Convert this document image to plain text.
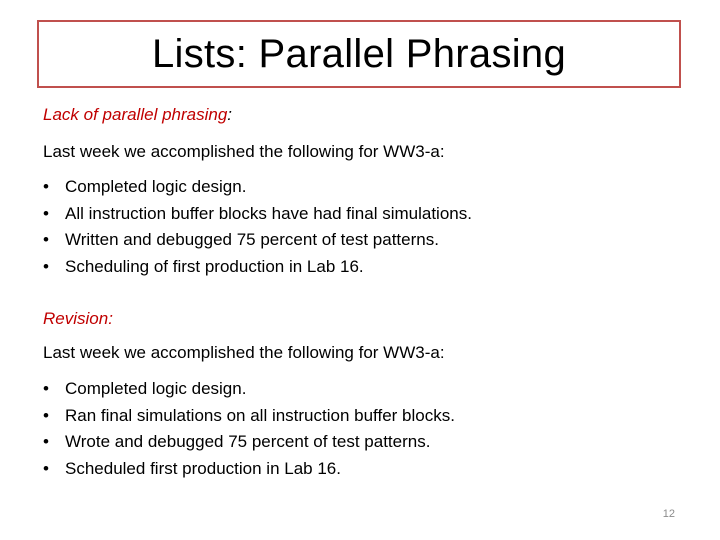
Lists: Parallel Phrasing
Lack of parallel phrasing:
Last week we accomplished the following for WW3-a:
• Completed logic design.
• All instruction buffer blocks have had final simulations.
• Written and debugged 75 percent of test patterns.
• Scheduling of first production in Lab 16.
Revision:
Last week we accomplished the following for WW3-a:
• Completed logic design.
• Ran final simulations on all instruction buffer blocks.
• Wrote and debugged 75 percent of test patterns.
• Scheduled first production in Lab 16.
12
